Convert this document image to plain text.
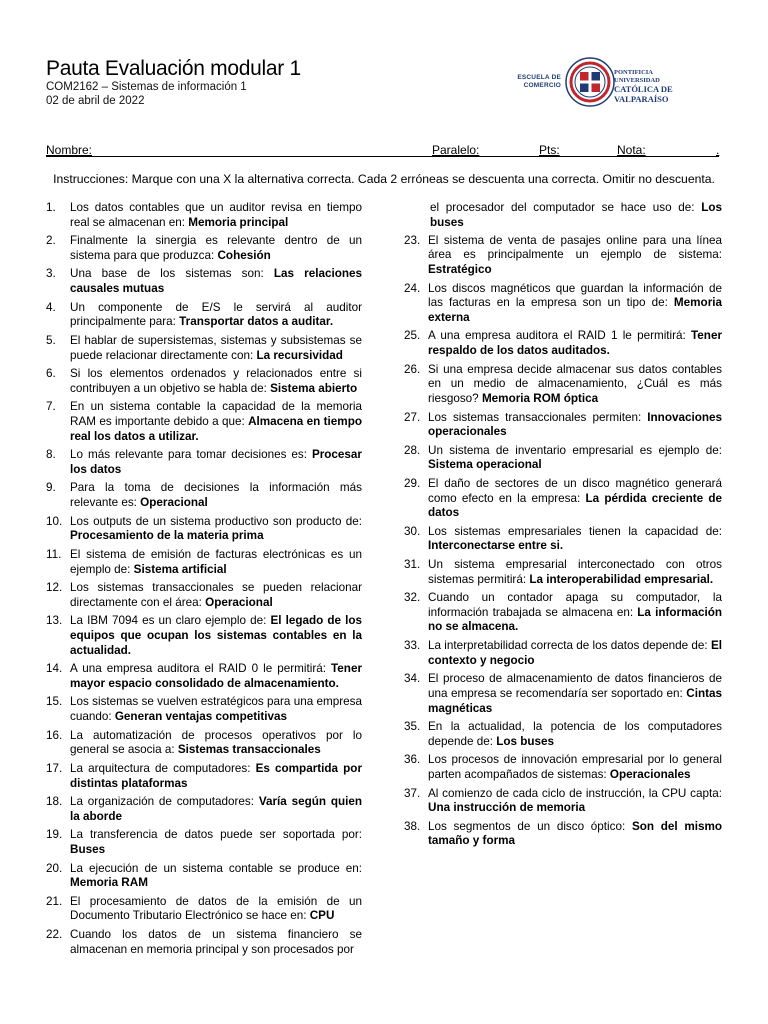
Pauta Evaluación modular 1
COM2162 – Sistemas de información 1
02 de abril de 2022
ESCUELA DE
COMERCIO
PONTIFICIA
UNIVERSIDAD
CATÓLICA DE
VALPARAÍSO
Nombre:	Paralelo:	Pts:	Nota:	.
Instrucciones: Marque con una X la alternativa correcta. Cada 2 erróneas se descuenta una correcta. Omitir no descuenta.
1. Los datos contables que un auditor revisa en tiempo real se almacenan en: Memoria principal
2. Finalmente la sinergia es relevante dentro de un sistema para que produzca: Cohesión
3. Una base de los sistemas son: Las relaciones causales mutuas
4. Un componente de E/S le servirá al auditor principalmente para: Transportar datos a auditar.
5. El hablar de supersistemas, sistemas y subsistemas se puede relacionar directamente con: La recursividad
6. Si los elementos ordenados y relacionados entre si contribuyen a un objetivo se habla de: Sistema abierto
7. En un sistema contable la capacidad de la memoria RAM es importante debido a que: Almacena en tiempo real los datos a utilizar.
8. Lo más relevante para tomar decisiones es: Procesar los datos
9. Para la toma de decisiones la información más relevante es: Operacional
10. Los outputs de un sistema productivo son producto de: Procesamiento de la materia prima
11. El sistema de emisión de facturas electrónicas es un ejemplo de: Sistema artificial
12. Los sistemas transaccionales se pueden relacionar directamente con el área: Operacional
13. La IBM 7094 es un claro ejemplo de: El legado de los equipos que ocupan los sistemas contables en la actualidad.
14. A una empresa auditora el RAID 0 le permitirá: Tener mayor espacio consolidado de almacenamiento.
15. Los sistemas se vuelven estratégicos para una empresa cuando: Generan ventajas competitivas
16. La automatización de procesos operativos por lo general se asocia a: Sistemas transaccionales
17. La arquitectura de computadores: Es compartida por distintas plataformas
18. La organización de computadores: Varía según quien la aborde
19. La transferencia de datos puede ser soportada por: Buses
20. La ejecución de un sistema contable se produce en: Memoria RAM
21. El procesamiento de datos de la emisión de un Documento Tributario Electrónico se hace en: CPU
22. Cuando los datos de un sistema financiero se almacenan en memoria principal y son procesados por
el procesador del computador se hace uso de: Los buses
23. El sistema de venta de pasajes online para una línea área es principalmente un ejemplo de sistema: Estratégico
24. Los discos magnéticos que guardan la información de las facturas en la empresa son un tipo de: Memoria externa
25. A una empresa auditora el RAID 1 le permitirá: Tener respaldo de los datos auditados.
26. Si una empresa decide almacenar sus datos contables en un medio de almacenamiento, ¿Cuál es más riesgoso? Memoria ROM óptica
27. Los sistemas transaccionales permiten: Innovaciones operacionales
28. Un sistema de inventario empresarial es ejemplo de: Sistema operacional
29. El daño de sectores de un disco magnético generará como efecto en la empresa: La pérdida creciente de datos
30. Los sistemas empresariales tienen la capacidad de: Interconectarse entre si.
31. Un sistema empresarial interconectado con otros sistemas permitirá: La interoperabilidad empresarial.
32. Cuando un contador apaga su computador, la información trabajada se almacena en: La información no se almacena.
33. La interpretabilidad correcta de los datos depende de: El contexto y negocio
34. El proceso de almacenamiento de datos financieros de una empresa se recomendaría ser soportado en: Cintas magnéticas
35. En la actualidad, la potencia de los computadores depende de: Los buses
36. Los procesos de innovación empresarial por lo general parten acompañados de sistemas: Operacionales
37. Al comienzo de cada ciclo de instrucción, la CPU capta: Una instrucción de memoria
38. Los segmentos de un disco óptico: Son del mismo tamaño y forma
